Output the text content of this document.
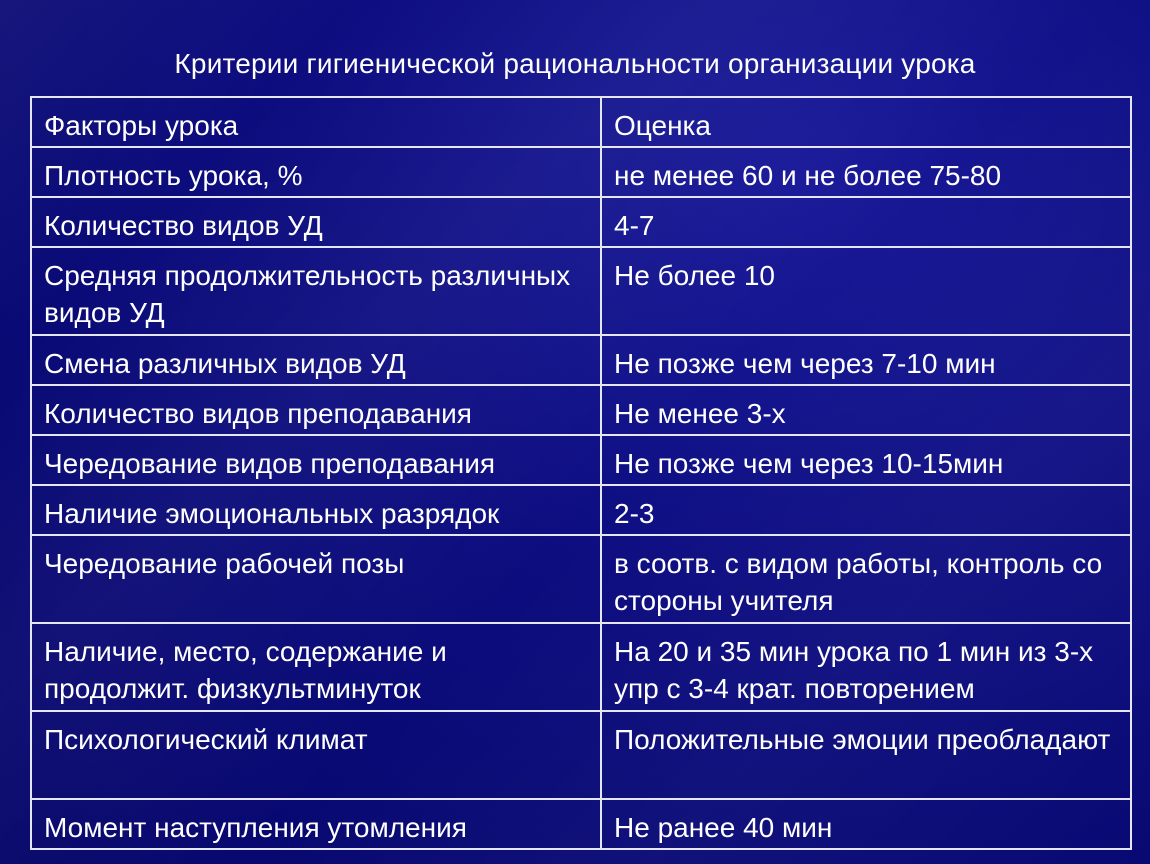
Критерии гигиенической рациональности организации урока
Факторы урока	Оценка
Плотность урока, %	не менее 60 и не более 75-80
Количество видов УД	4-7
Средняя продолжительность различных видов УД	Не более 10
Смена различных видов УД	Не позже чем через 7-10 мин
Количество видов преподавания	Не менее 3-х
Чередование видов преподавания	Не позже чем через 10-15мин
Наличие эмоциональных разрядок	2-3
Чередование рабочей позы	в соотв. с видом работы, контроль со стороны учителя
Наличие, место, содержание и продолжит. физкультминуток	На 20 и 35 мин урока по 1 мин из 3-х упр с 3-4 крат. повторением
Психологический климат	Положительные эмоции преобладают
Момент наступления утомления	Не ранее 40 мин
